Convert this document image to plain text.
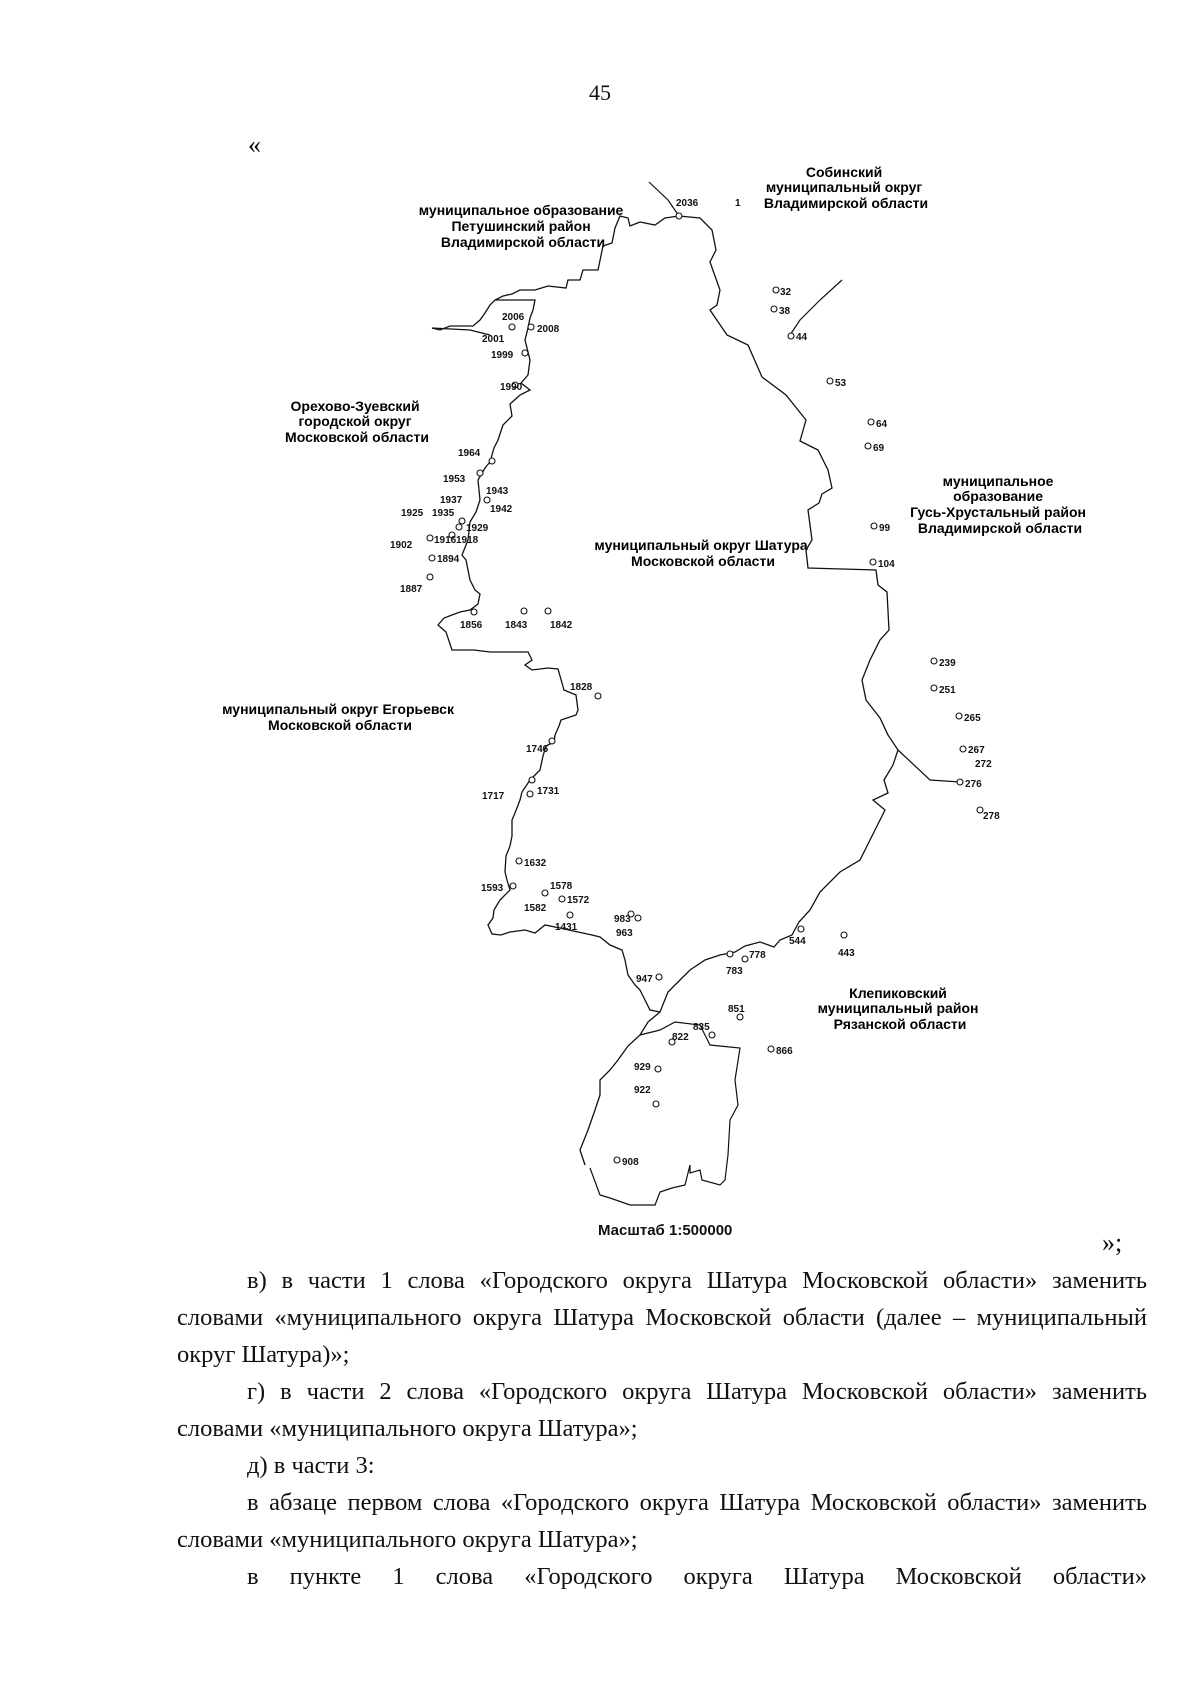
45
«
Собинский муниципальный округ Владимирской области
муниципальное образование Петушинский район Владимирской области
Орехово-Зуевский городской округ Московской области
муниципальное образование Гусь-Хрустальный район Владимирской области
муниципальный округ Шатура Московской области
муниципальный округ Егорьевск Московской области
Клепиковский муниципальный район Рязанской области
2036	1
32
38
44
53
64
69
99
104
239
251
265
267
272
276
278
443
544
778
783
851
835
822
866
929
922
908
947
963
983
1431
1572
1578
1582
1593
1632
1717	1731
1746
1828
1842
1843
1856
1887
1894
1902 1916 1918
1925 1935
1929
1937
1942
1943
1953
1964
1990
1999
2001
2006
2008
Масштаб 1:500000	»;

в) в части 1 слова «Городского округа Шатура Московской области» заменить словами «муниципального округа Шатура Московской области (далее – муниципальный округ Шатура)»;

г) в части 2 слова «Городского округа Шатура Московской области» заменить словами «муниципального округа Шатура»;

д) в части 3:

в абзаце первом слова «Городского округа Шатура Московской области» заменить словами «муниципального округа Шатура»;

в пункте 1 слова «Городского округа Шатура Московской области»
